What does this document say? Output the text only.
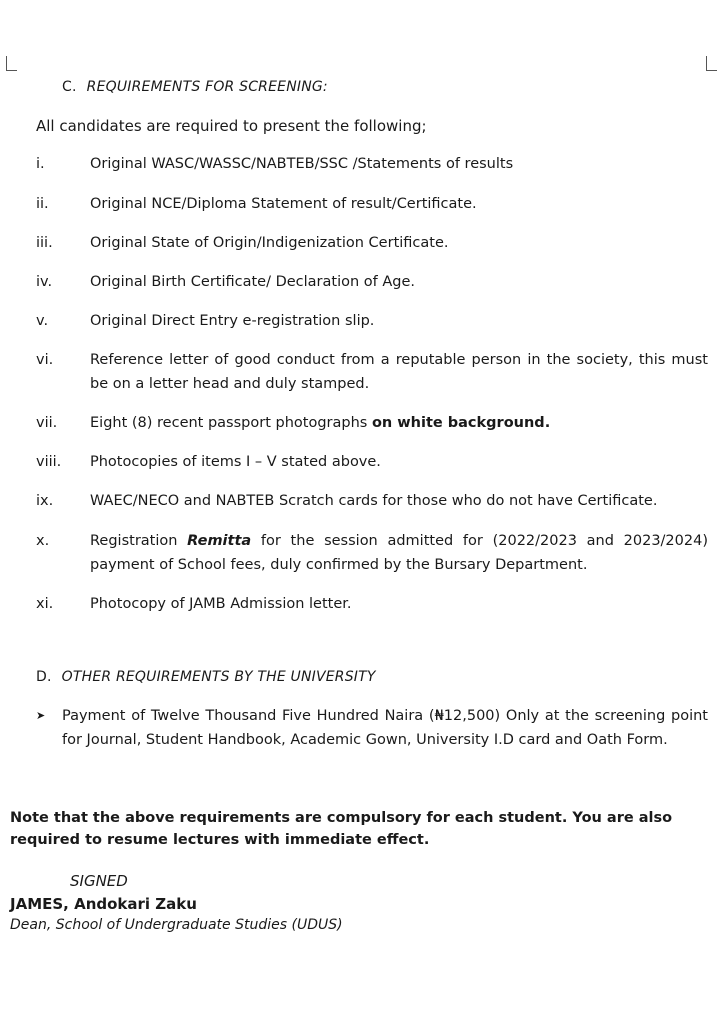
C. REQUIREMENTS FOR SCREENING:
All candidates are required to present the following;
i.	Original WASC/WASSC/NABTEB/SSC /Statements of results
ii.	Original NCE/Diploma Statement of result/Certificate.
iii.	Original State of Origin/Indigenization Certificate.
iv.	Original Birth Certificate/ Declaration of Age.
v.	Original Direct Entry e-registration slip.
vi.	Reference letter of good conduct from a reputable person in the society, this must be on a letter head and duly stamped.
vii.	Eight (8) recent passport photographs on white background.
viii.	Photocopies of items I – V stated above.
ix.	WAEC/NECO and NABTEB Scratch cards for those who do not have Certificate.
x.	Registration Remitta for the session admitted for (2022/2023 and 2023/2024) payment of School fees, duly confirmed by the Bursary Department.
xi.	Photocopy of JAMB Admission letter.
D. OTHER REQUIREMENTS BY THE UNIVERSITY
➤ Payment of Twelve Thousand Five Hundred Naira (₦12,500) Only at the screening point for Journal, Student Handbook, Academic Gown, University I.D card and Oath Form.
Note that the above requirements are compulsory for each student. You are also required to resume lectures with immediate effect.
SIGNED
JAMES, Andokari Zaku
Dean, School of Undergraduate Studies (UDUS)
